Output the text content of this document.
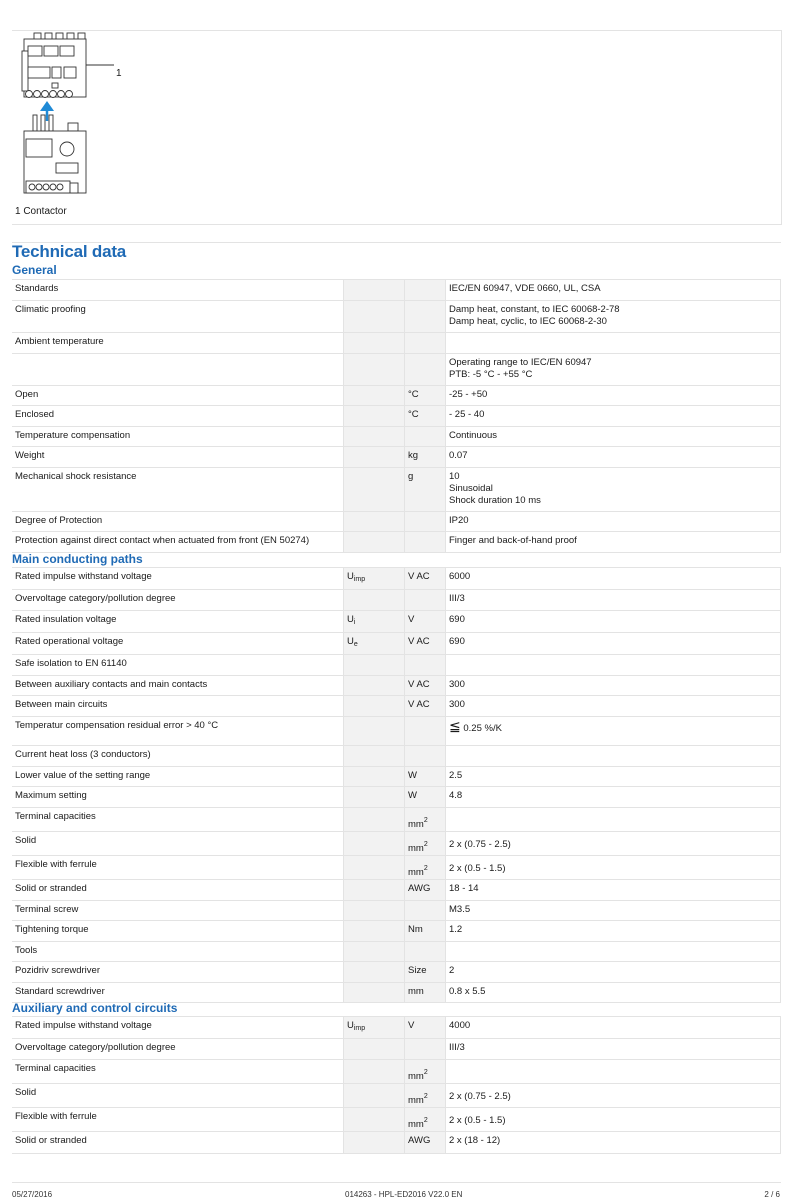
1
1 Contactor
Technical data
General
Standards			IEC/EN 60947, VDE 0660, UL, CSA
Climatic proofing			Damp heat, constant, to IEC 60068-2-78
Damp heat, cyclic, to IEC 60068-2-30
Ambient temperature			
			Operating range to IEC/EN 60947
PTB: -5 °C - +55 °C
Open		°C	-25 - +50
Enclosed		°C	- 25 - 40
Temperature compensation			Continuous
Weight		kg	0.07
Mechanical shock resistance		g	10
Sinusoidal
Shock duration 10 ms
Degree of Protection			IP20
Protection against direct contact when actuated from front (EN 50274)			Finger and back-of-hand proof
Main conducting paths
Rated impulse withstand voltage	$U_{imp}$	V AC	6000
Overvoltage category/pollution degree			III/3
Rated insulation voltage	$U_i$	V	690
Rated operational voltage	$U_e$	V AC	690
Safe isolation to EN 61140			
Between auxiliary contacts and main contacts		V AC	300
Between main circuits		V AC	300
Temperatur compensation residual error > 40 °C			≦ 0.25 %/K
Current heat loss (3 conductors)			
Lower value of the setting range		W	2.5
Maximum setting		W	4.8
Terminal capacities		$mm^2$	
Solid		$mm^2$	2 x (0.75 - 2.5)
Flexible with ferrule		$mm^2$	2 x (0.5 - 1.5)
Solid or stranded		AWG	18 - 14
Terminal screw			M3.5
Tightening torque		Nm	1.2
Tools			
Pozidriv screwdriver		Size	2
Standard screwdriver		mm	0.8 x 5.5
Auxiliary and control circuits
Rated impulse withstand voltage	$U_{imp}$	V	4000
Overvoltage category/pollution degree			III/3
Terminal capacities		$mm^2$	
Solid		$mm^2$	2 x (0.75 - 2.5)
Flexible with ferrule		$mm^2$	2 x (0.5 - 1.5)
Solid or stranded		AWG	2 x (18 - 12)
05/27/2016	014263 - HPL-ED2016 V22.0 EN	2 / 6
